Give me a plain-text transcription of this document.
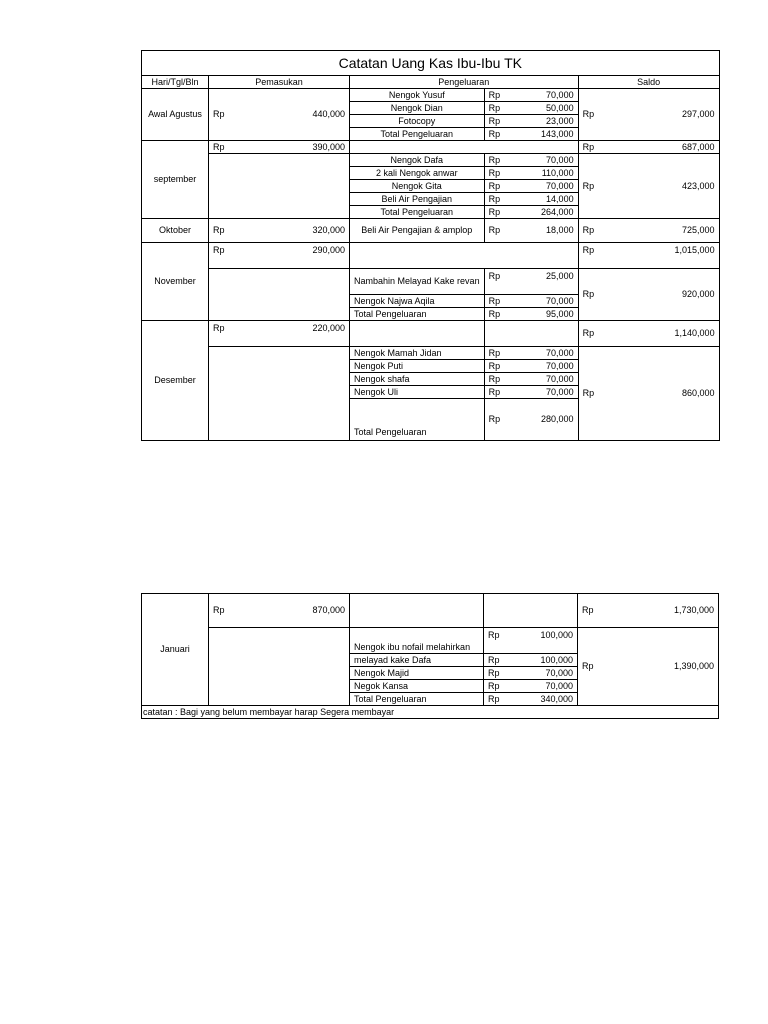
Catatan Uang Kas Ibu-Ibu TK				
Hari/Tgl/Bln	Pemasukan	Pengeluaran		Saldo
Awal Agustus	Rp 440,000	Nengok Yusuf	Rp 70,000	Rp 297,000

		Nengok Dian	Rp 50,000	

		Fotocopy	Rp 23,000	

		Total Pengeluaran	Rp 143,000	

september	Rp 390,000			Rp 687,000

		Nengok Dafa	Rp 70,000	Rp 423,000

		2 kali Nengok anwar	Rp 110,000	

		Nengok Gita	Rp 70,000	

		Beli Air Pengajian	Rp 14,000	

		Total Pengeluaran	Rp 264,000	

Oktober	Rp 320,000	Beli Air Pengajian & amplop	Rp 18,000	Rp 725,000

November	Rp 290,000			Rp 1,015,000

		Nambahin Melayad Kake revan	Rp 25,000	Rp 920,000

		Nengok Najwa Aqila	Rp 70,000	

		Total Pengeluaran	Rp 95,000	

Desember	Rp 220,000			Rp 1,140,000

		Nengok Mamah Jidan	Rp 70,000	Rp 860,000

		Nengok Puti	Rp 70,000	

		Nengok shafa	Rp 70,000	

		Nengok Uli	Rp 70,000	

		Total Pengeluaran	Rp 280,000	
Januari	Rp 870,000			Rp 1,730,000

		Nengok ibu nofail melahirkan	Rp 100,000	Rp 1,390,000

		melayad kake Dafa	Rp 100,000	

		Nengok Majid	Rp 70,000	

		Negok Kansa	Rp 70,000	

		Total Pengeluaran	Rp 340,000	

catatan : Bagi yang belum membayar harap Segera membayar				
